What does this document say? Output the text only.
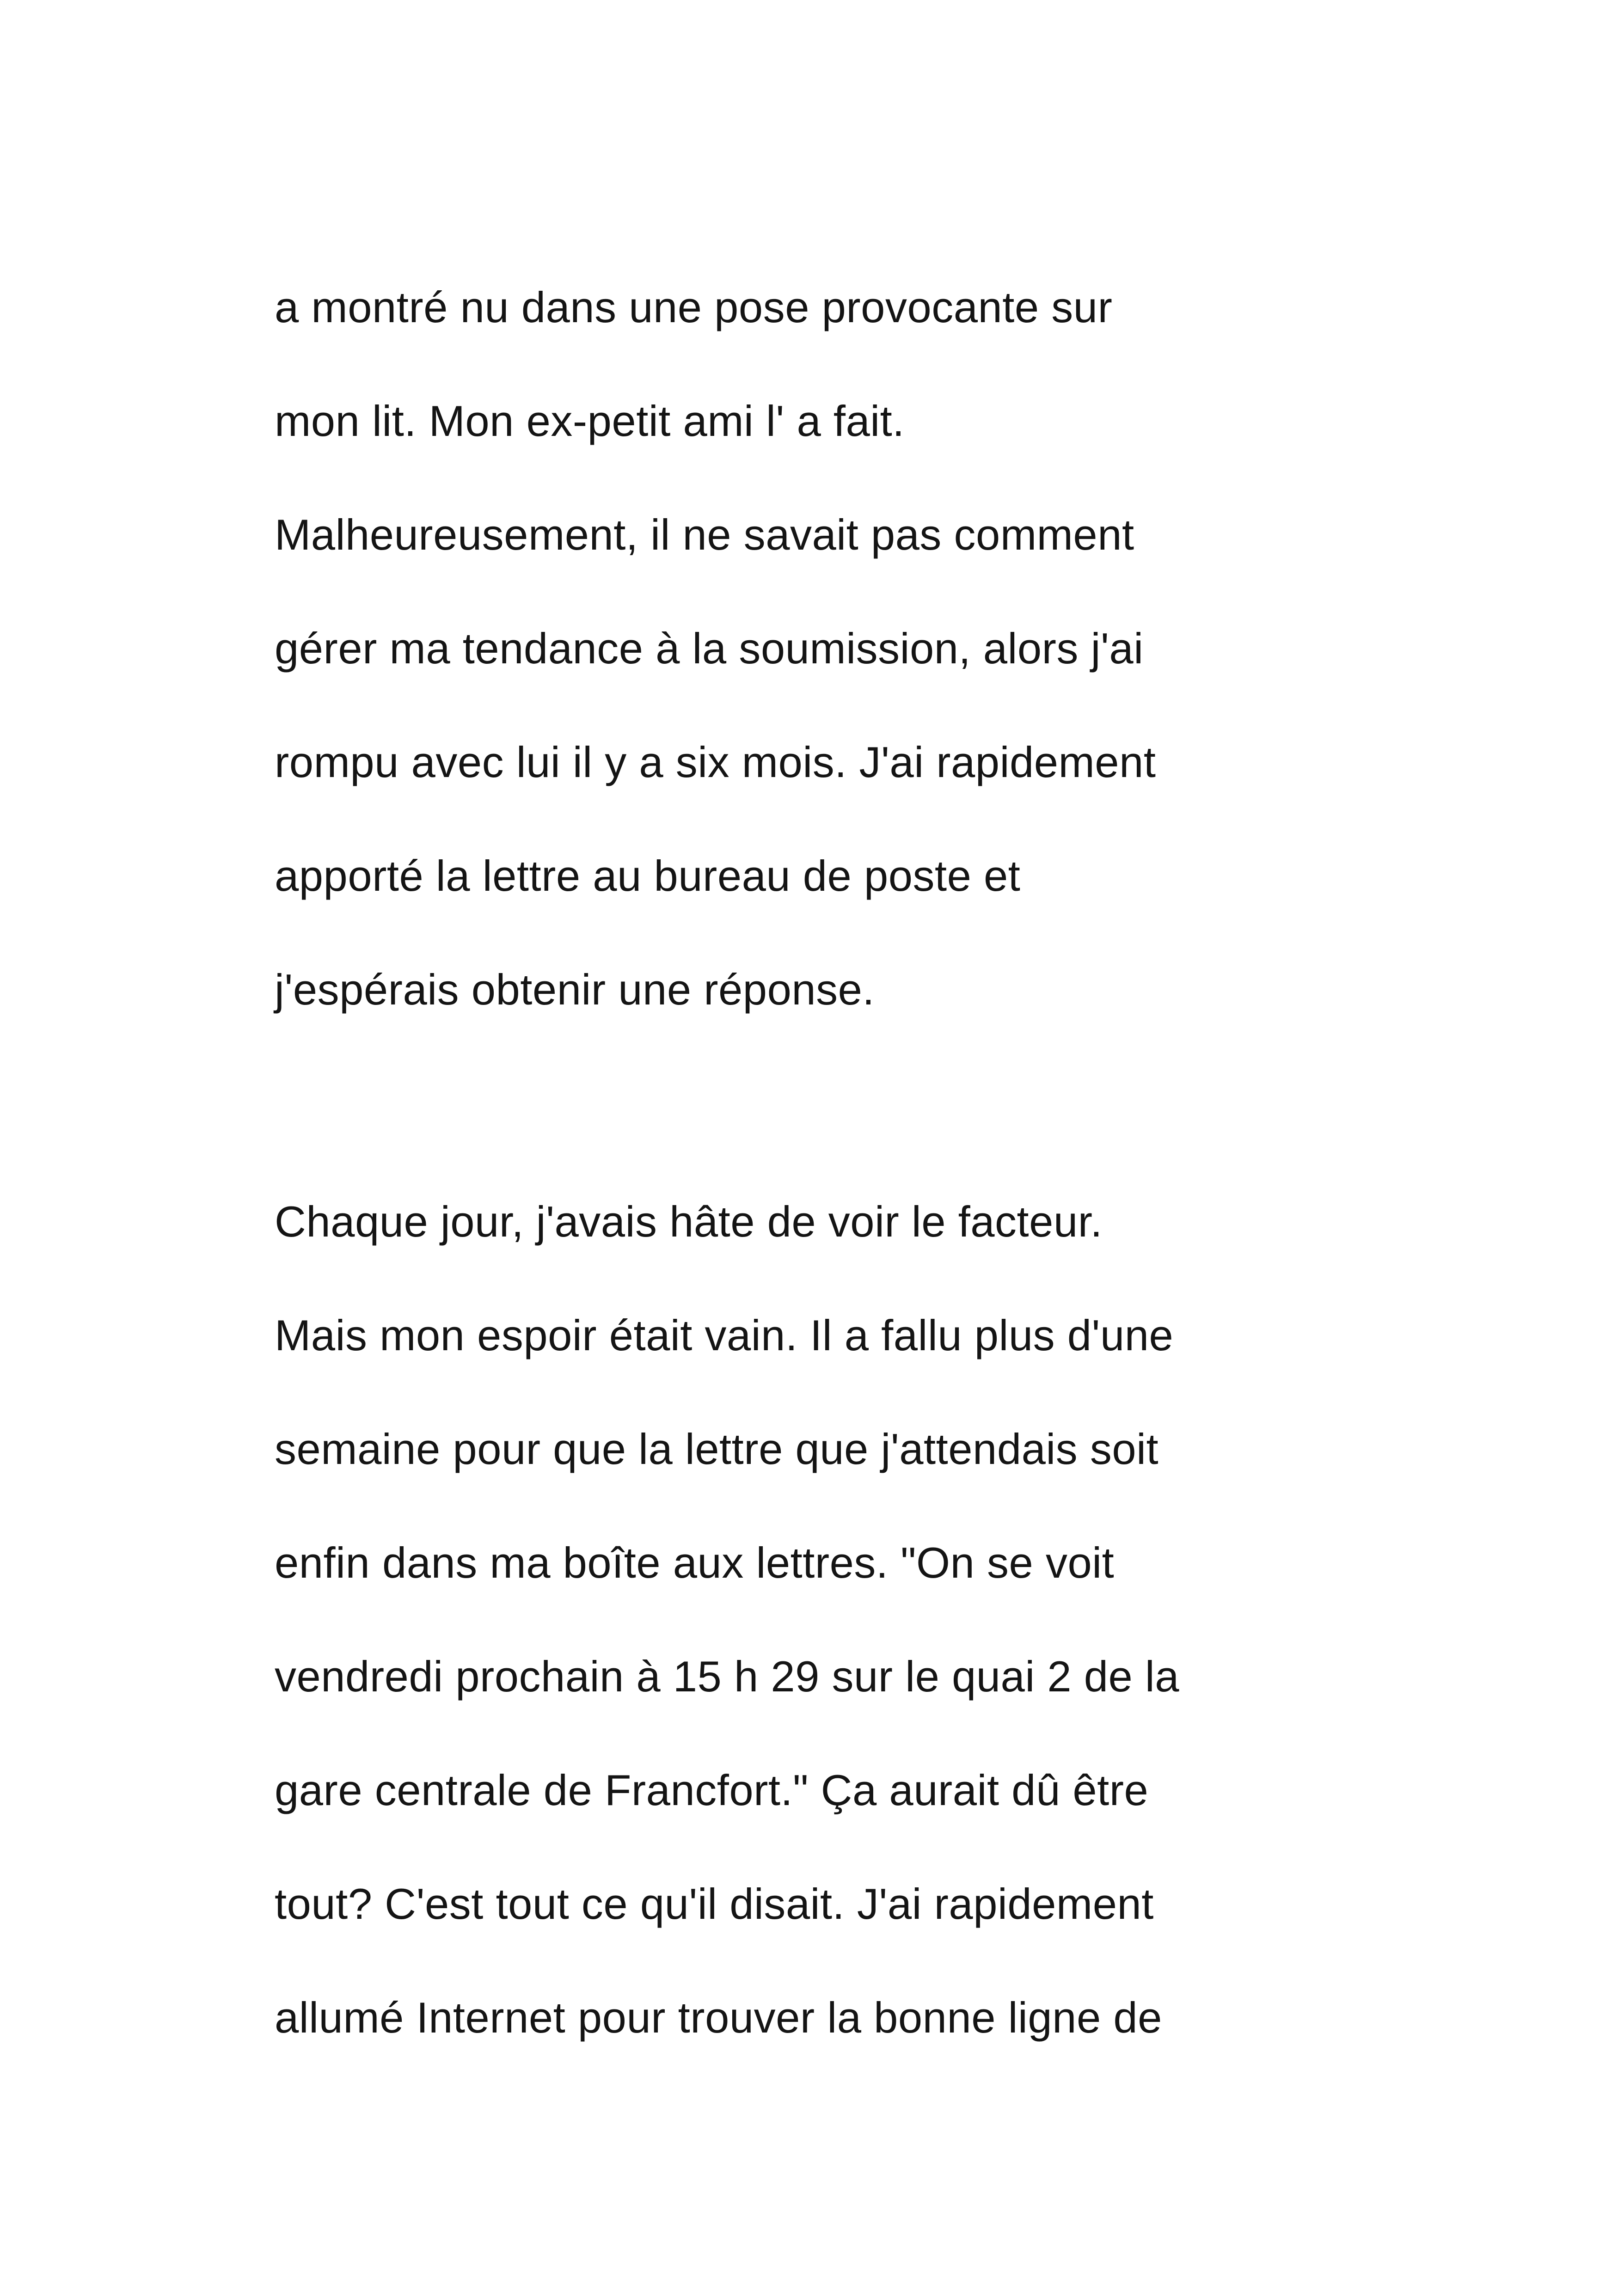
a montré nu dans une pose provocante sur
mon lit. Mon ex-petit ami l' a fait.
Malheureusement, il ne savait pas comment
gérer ma tendance à la soumission, alors j'ai
rompu avec lui il y a six mois. J'ai rapidement
apporté la lettre au bureau de poste et
j'espérais obtenir une réponse.
Chaque jour, j'avais hâte de voir le facteur.
Mais mon espoir était vain. Il a fallu plus d'une
semaine pour que la lettre que j'attendais soit
enfin dans ma boîte aux lettres. "On se voit
vendredi prochain à 15 h 29 sur le quai 2 de la
gare centrale de Francfort." Ça aurait dû être
tout? C'est tout ce qu'il disait. J'ai rapidement
allumé Internet pour trouver la bonne ligne de
